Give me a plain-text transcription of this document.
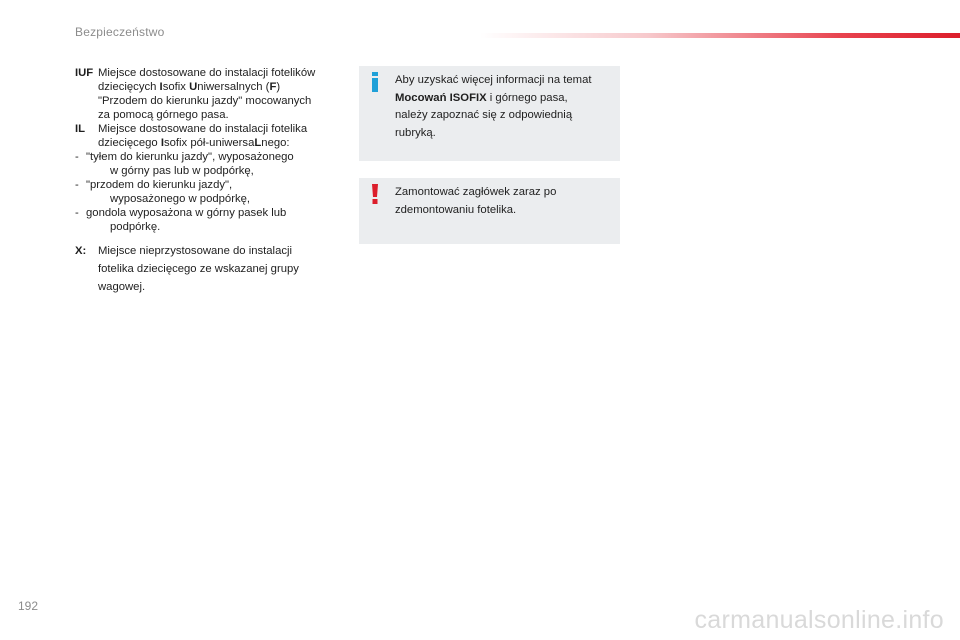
Bezpieczeństwo
IUF Miejsce dostosowane do instalacji fotelików
dziecięcych Isofix Uniwersalnych (F)
"Przodem do kierunku jazdy" mocowanych
za pomocą górnego pasa.
IL	Miejsce dostosowane do instalacji fotelika
dziecięcego Isofix pół-uniwersaLnego:
- "tyłem do kierunku jazdy", wyposażonego
w górny pas lub w podpórkę,
- "przodem do kierunku jazdy",
wyposażonego w podpórkę,
- gondola wyposażona w górny pasek lub
podpórkę.
X:	Miejsce nieprzystosowane do instalacji
fotelika dziecięcego ze wskazanej grupy
wagowej.
Aby uzyskać więcej informacji na temat
Mocowań ISOFIX i górnego pasa,
należy zapoznać się z odpowiednią
rubryką.
Zamontować zagłówek zaraz po
zdemontowaniu fotelika.
192	carmanualsonline.info
